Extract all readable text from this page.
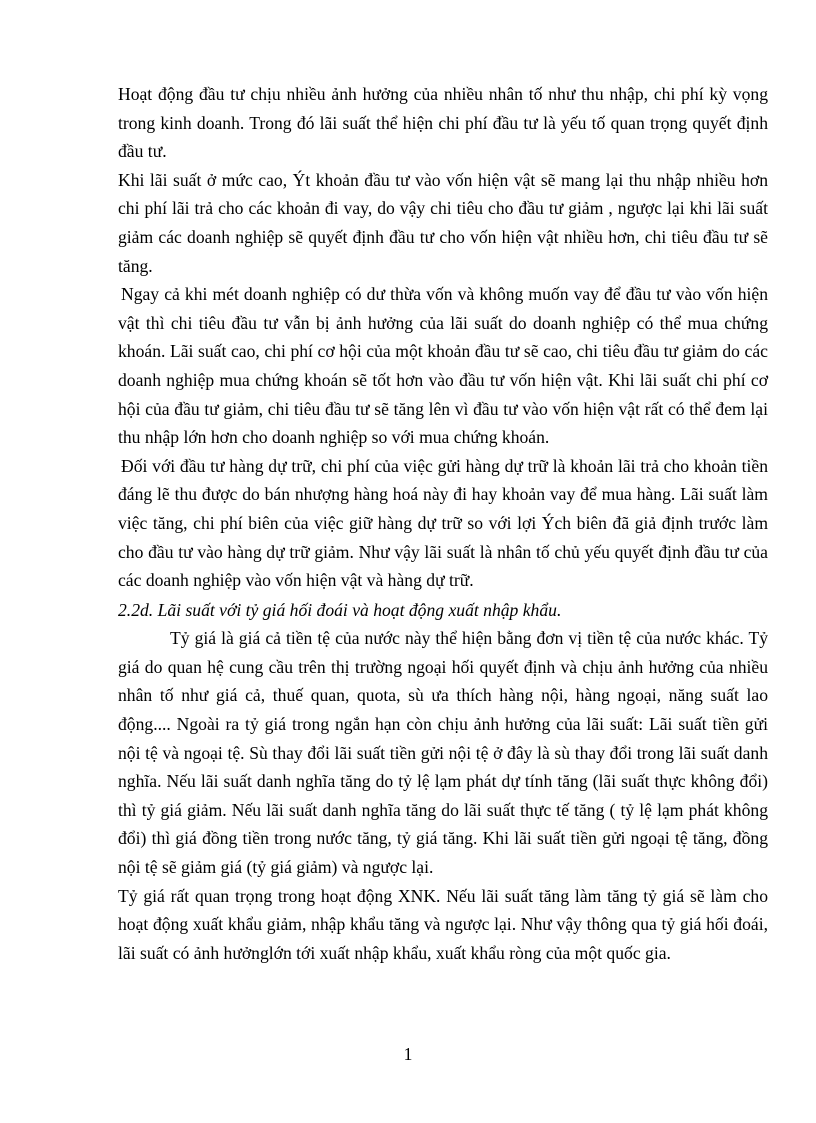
Hoạt động đầu tư chịu nhiều ảnh hưởng của nhiều nhân tố như thu nhập, chi phí kỳ vọng trong kinh doanh. Trong đó lãi suất thể hiện chi phí đầu tư là yếu tố quan trọng quyết định đầu tư.

Khi lãi suất ở mức cao, Ýt khoản đầu tư vào vốn hiện vật sẽ mang lại thu nhập nhiều hơn chi phí lãi trả cho các khoản đi vay, do vậy chi tiêu cho đầu tư giảm , ngược lại khi lãi suất giảm các doanh nghiệp sẽ quyết định đầu tư cho vốn hiện vật nhiều hơn, chi tiêu đầu tư sẽ tăng.

Ngay cả khi mét doanh nghiệp có dư thừa vốn và không muốn vay để đầu tư vào vốn hiện vật thì chi tiêu đầu tư vẫn bị ảnh hưởng của lãi suất do doanh nghiệp có thể mua chứng khoán. Lãi suất cao, chi phí cơ hội của một khoản đầu tư sẽ cao, chi tiêu đầu tư giảm do các doanh nghiệp mua chứng khoán sẽ tốt hơn vào đầu tư vốn hiện vật. Khi lãi suất chi phí cơ hội của đầu tư giảm, chi tiêu đầu tư sẽ tăng lên vì đầu tư vào vốn hiện vật rất có thể đem lại thu nhập lớn hơn cho doanh nghiệp so với mua chứng khoán.

Đối với đầu tư hàng dự trữ, chi phí của việc gửi hàng dự trữ là khoản lãi trả cho khoản tiền đáng lẽ thu được do bán nhượng hàng hoá này đi hay khoản vay để mua hàng. Lãi suất làm việc tăng, chi phí biên của việc giữ hàng dự trữ so với lợi Ých biên đã giả định trước làm cho đầu tư vào hàng dự trữ giảm. Như vậy lãi suất là nhân tố chủ yếu quyết định đầu tư của các doanh nghiệp vào vốn hiện vật và hàng dự trữ.

2.2d. Lãi suất với tỷ giá hối đoái và hoạt động xuất nhập khẩu.

Tỷ giá là giá cả tiền tệ của nước này thể hiện bằng đơn vị tiền tệ của nước khác. Tỷ giá do quan hệ cung cầu trên thị trường ngoại hối quyết định và chịu ảnh hưởng của nhiều nhân tố như giá cả, thuế quan, quota, sù ưa thích hàng nội, hàng ngoại, năng suất lao động.... Ngoài ra tỷ giá trong ngắn hạn còn chịu ảnh hưởng của lãi suất: Lãi suất tiền gửi nội tệ và ngoại tệ. Sù thay đổi lãi suất tiền gửi nội tệ ở đây là sù thay đổi trong lãi suất danh nghĩa. Nếu lãi suất danh nghĩa tăng do tỷ lệ lạm phát dự tính tăng (lãi suất thực không đổi) thì tỷ giá giảm. Nếu lãi suất danh nghĩa tăng do lãi suất thực tế tăng ( tỷ lệ lạm phát không đổi) thì giá đồng tiền trong nước tăng, tỷ giá tăng. Khi lãi suất tiền gửi ngoại tệ tăng, đồng nội tệ sẽ giảm giá (tỷ giá giảm) và ngược lại.

Tỷ giá rất quan trọng trong hoạt động XNK. Nếu lãi suất tăng làm tăng tỷ giá sẽ làm cho hoạt động xuất khẩu giảm, nhập khẩu tăng và ngược lại. Như vậy thông qua tỷ giá hối đoái, lãi suất có ảnh hưởnglớn tới xuất nhập khẩu, xuất khẩu ròng của một quốc gia.

1
